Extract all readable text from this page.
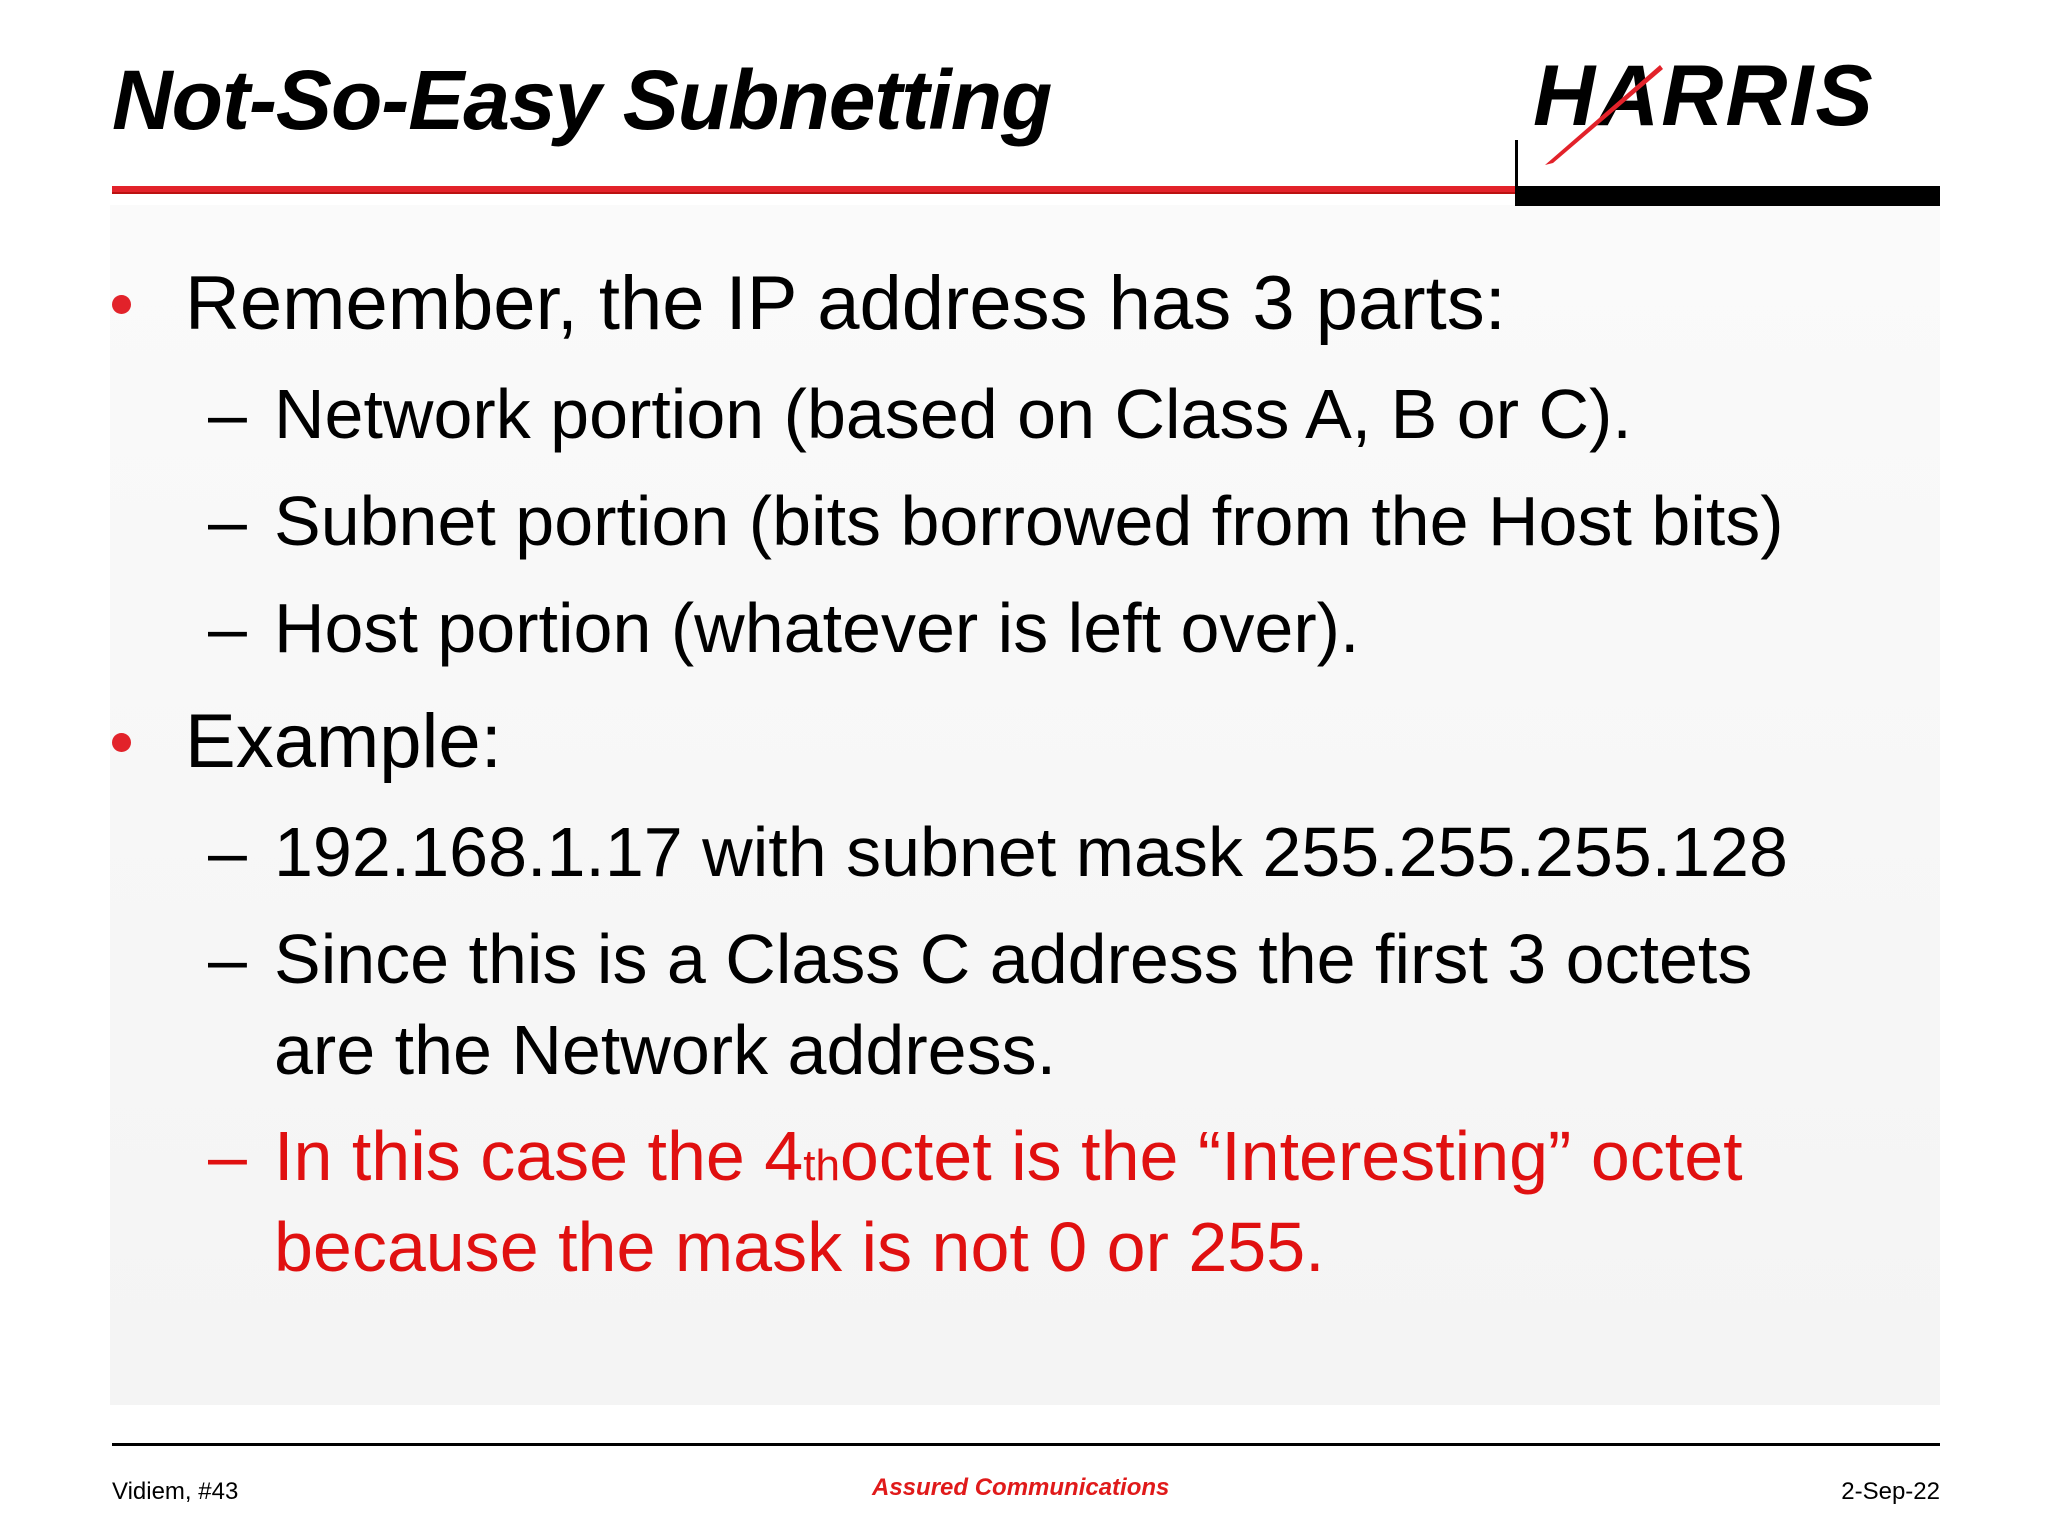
Not-So-Easy Subnetting	HARRIS
Remember, the IP address has 3 parts:
– Network portion (based on Class A, B or C).
– Subnet portion (bits borrowed from the Host bits)
– Host portion (whatever is left over).
Example:
– 192.168.1.17 with subnet mask 255.255.255.128
– Since this is a Class C address the first 3 octets
are the Network address.
– In this case the 4 th octet is the “Interesting” octet
because the mask is not 0 or 255.
Vidiem, #43	Assured Communications	2-Sep-22
